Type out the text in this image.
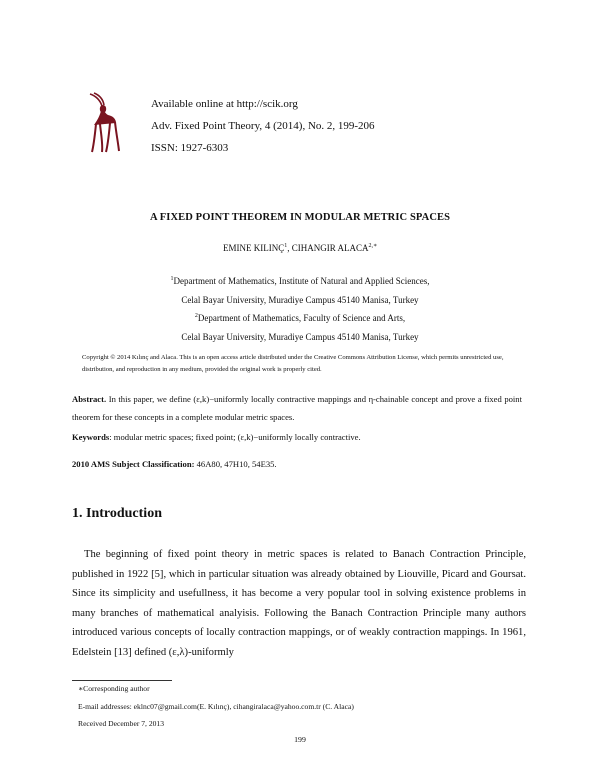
Available online at http://scik.org
Adv. Fixed Point Theory, 4 (2014), No. 2, 199-206
ISSN: 1927-6303
A FIXED POINT THEOREM IN MODULAR METRIC SPACES
EMINE KILINÇ$^1$, CIHANGIR $ALACA^{2,∗}$
$^1$Department of Mathematics, Institute of Natural and Applied Sciences,
Celal Bayar University, Muradiye Campus 45140 Manisa, Turkey
$^2$Department of Mathematics, Faculty of Science and Arts,
Celal Bayar University, Muradiye Campus 45140 Manisa, Turkey
Copyright © 2014 Kılınç and Alaca. This is an open access article distributed under the Creative Commons Attribution License, which permits unrestricted use, distribution, and reproduction in any medium, provided the original work is properly cited.
Abstract. In this paper, we define (ε,k)−uniformly locally contractive mappings and η-chainable concept and prove a fixed point theorem for these concepts in a complete modular metric spaces.
Keywords: modular metric spaces; fixed point; (ε,k)−uniformly locally contractive.
2010 AMS Subject Classification: 46A80, 47H10, 54E35.
1. Introduction
The beginning of fixed point theory in metric spaces is related to Banach Contraction Principle, published in 1922 [5], which in particular situation was already obtained by Liouville, Picard and Goursat. Since its simplicity and usefullness, it has become a very popular tool in solving existence problems in many branches of mathematical analyisis. Following the Banach Contraction Principle many authors introduced various concepts of locally contraction mappings, or of weakly contraction mappings. In 1961, Edelstein [13] defined (ε,λ)-uniformly
∗Corresponding author
E-mail addresses: eklnc07@gmail.com(E. Kılınç), cihangiralaca@yahoo.com.tr (C. Alaca)
Received December 7, 2013
199
